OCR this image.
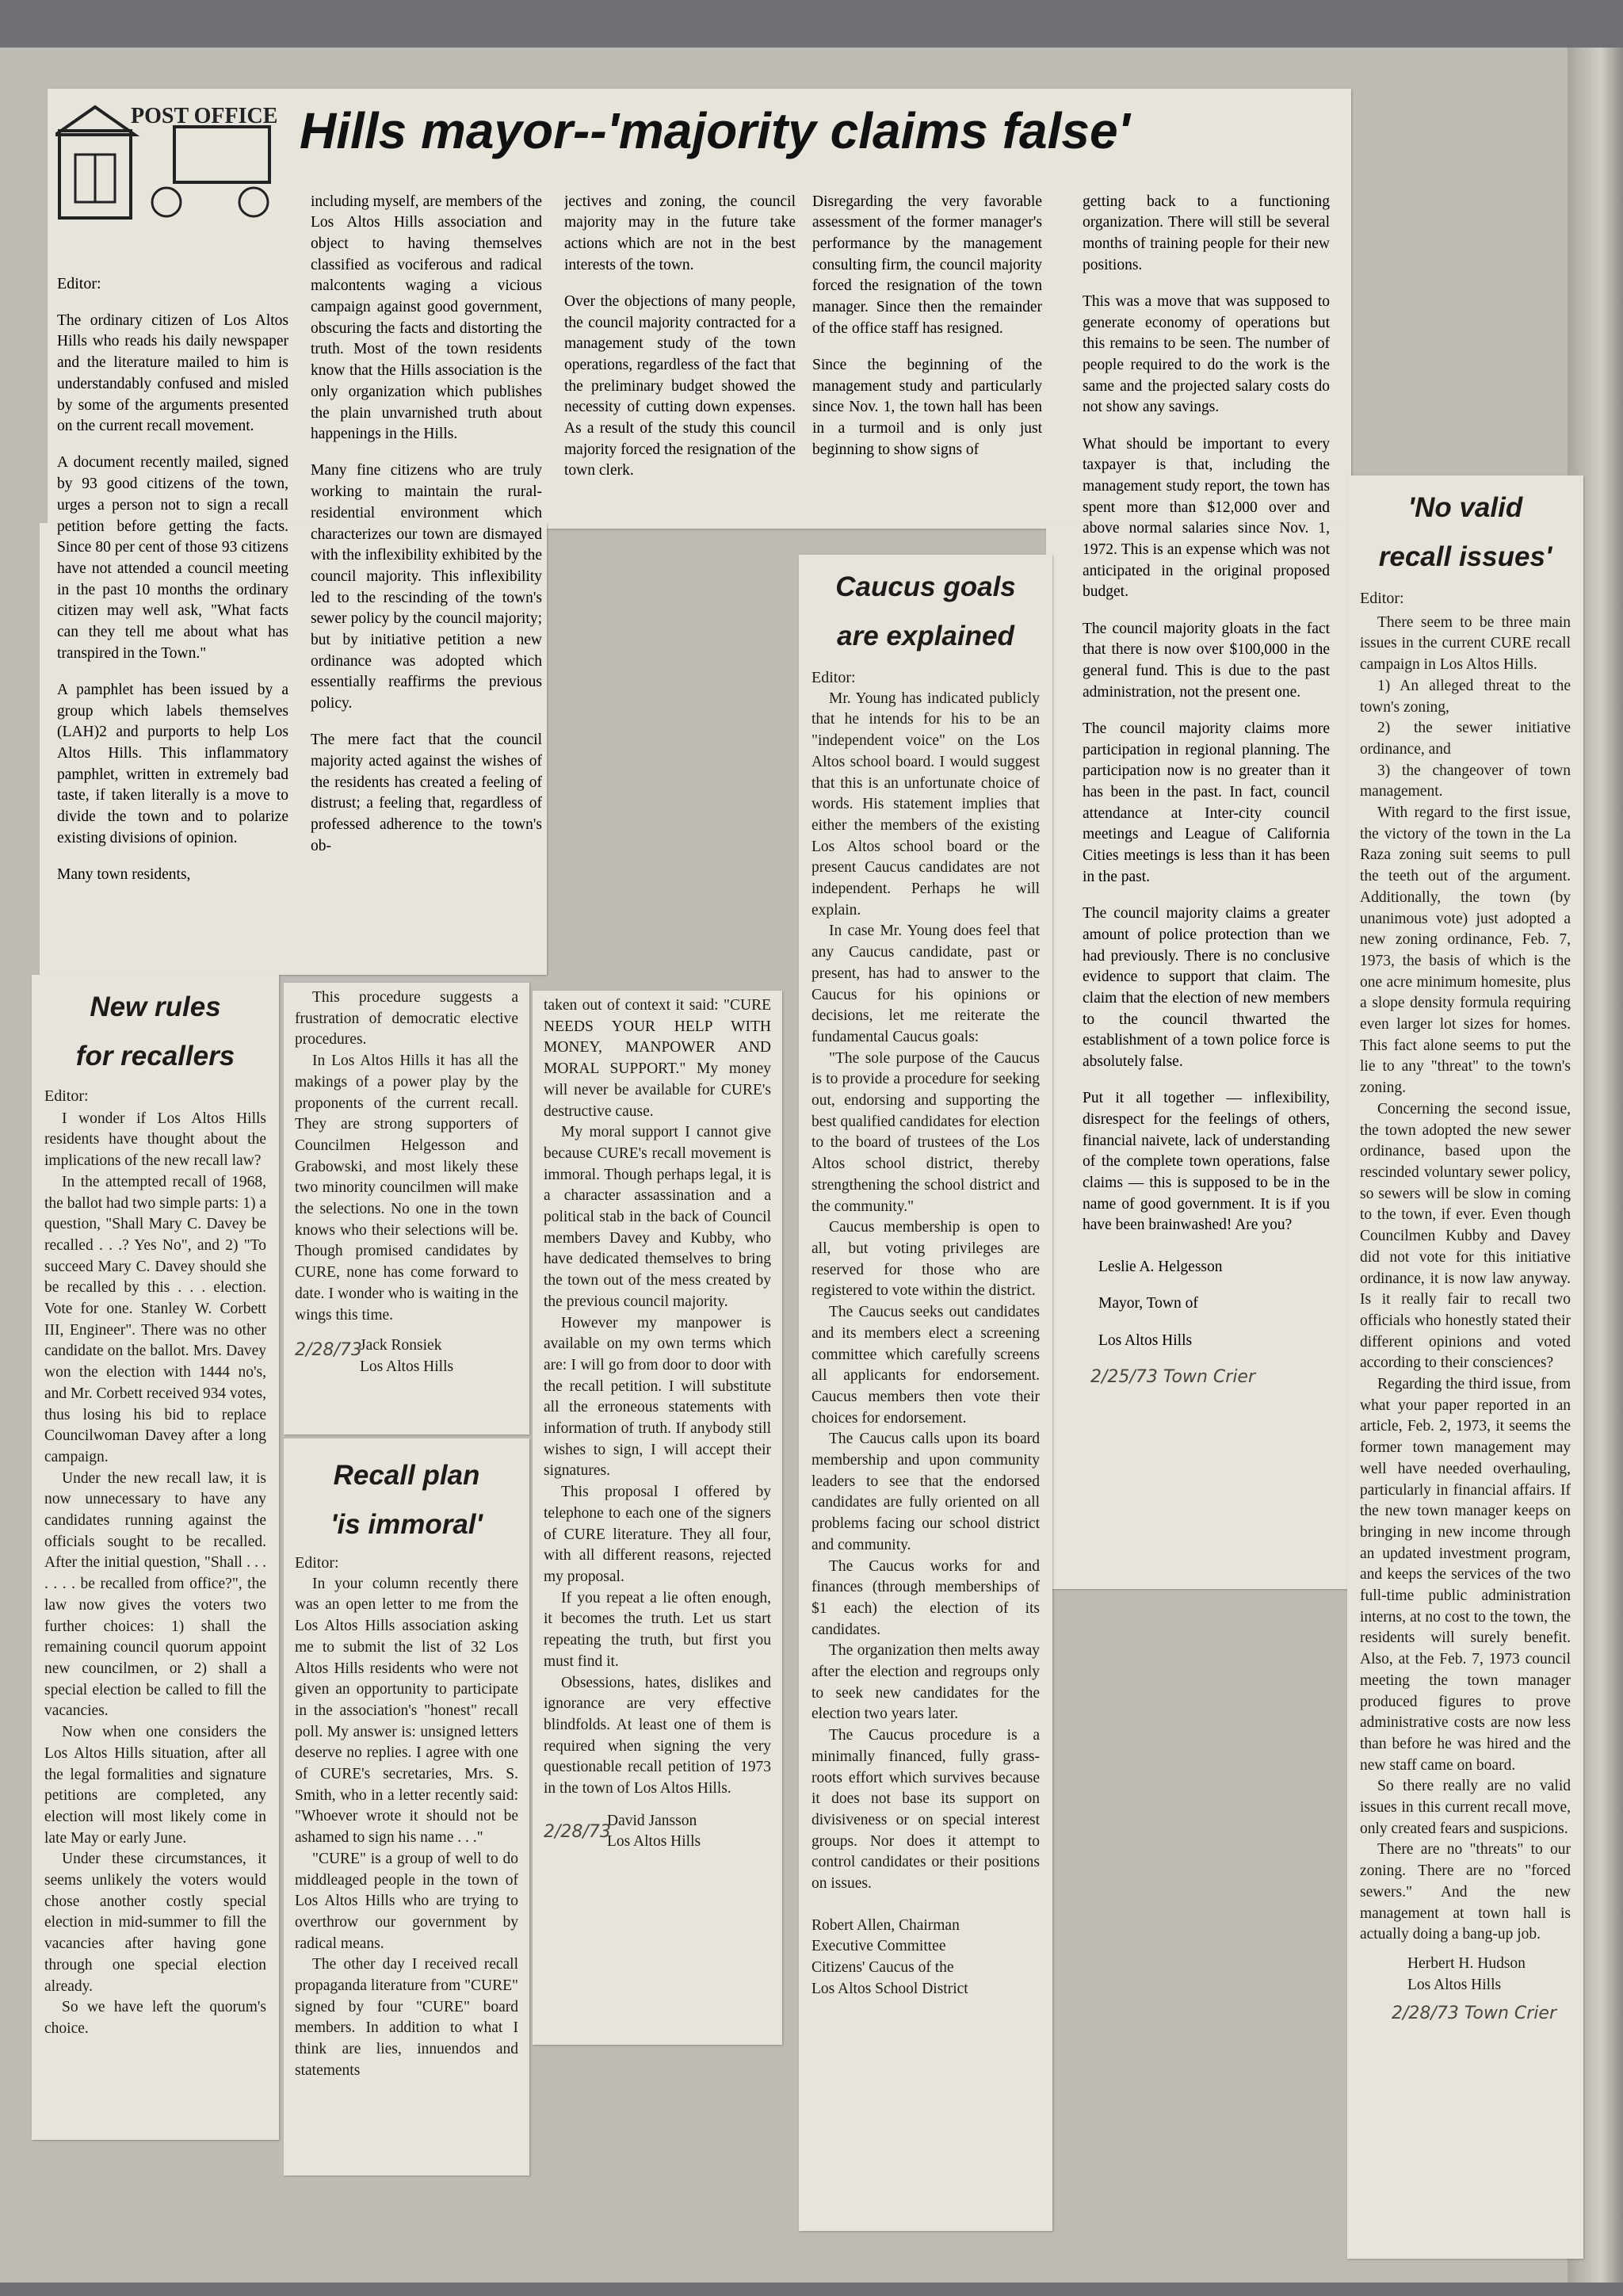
POST OFFICE Hills mayor--'majority claims false'

Editor:

The ordinary citizen of Los Altos Hills who reads his daily newspaper and the literature mailed to him is understandably confused and misled by some of the arguments presented on the current recall movement.

A document recently mailed, signed by 93 good citizens of the town, urges a person not to sign a recall petition before getting the facts. Since 80 per cent of those 93 citizens have not attended a council meeting in the past 10 months the ordinary citizen may well ask, "What facts can they tell me about what has transpired in the Town."

A pamphlet has been issued by a group which labels themselves (LAH)2 and purports to help Los Altos Hills. This inflammatory pamphlet, written in extremely bad taste, if taken literally is a move to divide the town and to polarize existing divisions of opinion.

Many town residents,

including myself, are members of the Los Altos Hills association and object to having themselves classified as vociferous and radical malcontents waging a vicious campaign against good government, obscuring the facts and distorting the truth. Most of the town residents know that the Hills association is the only organization which publishes the plain unvarnished truth about happenings in the Hills.

Many fine citizens who are truly working to maintain the rural-residential environment which characterizes our town are dismayed with the inflexibility exhibited by the council majority. This inflexibility led to the rescinding of the town's sewer policy by the council majority; but by initiative petition a new ordinance was adopted which essentially reaffirms the previous policy.

The mere fact that the council majority acted against the wishes of the residents has created a feeling of distrust; a feeling that, regardless of professed adherence to the town's ob-

jectives and zoning, the council majority may in the future take actions which are not in the best interests of the town.

Over the objections of many people, the council majority contracted for a management study of the town operations, regardless of the fact that the preliminary budget showed the necessity of cutting down expenses. As a result of the study this council majority forced the resignation of the town clerk.

Disregarding the very favorable assessment of the former manager's performance by the management consulting firm, the council majority forced the resignation of the town manager. Since then the remainder of the office staff has resigned.

Since the beginning of the management study and particularly since Nov. 1, the town hall has been in a turmoil and is only just beginning to show signs of

getting back to a functioning organization. There will still be several months of training people for their new positions.

This was a move that was supposed to generate economy of operations but this remains to be seen. The number of people required to do the work is the same and the projected salary costs do not show any savings.

What should be important to every taxpayer is that, including the management study report, the town has spent more than $12,000 over and above normal salaries since Nov. 1, 1972. This is an expense which was not anticipated in the original proposed budget.

The council majority gloats in the fact that there is now over $100,000 in the general fund. This is due to the past administration, not the present one.

The council majority claims more participation in regional planning. The participation now is no greater than it has been in the past. In fact, council attendance at Inter-city council meetings and League of California Cities meetings is less than it has been in the past.

The council majority claims a greater amount of police protection than we had previously. There is no conclusive evidence to support that claim. The claim that the election of new members to the council thwarted the establishment of a town police force is absolutely false.

Put it all together — inflexibility, disrespect for the feelings of others, financial naivete, lack of understanding of the complete town operations, false claims — this is supposed to be in the name of good government. It is if you have been brainwashed! Are you?

Leslie A. Helgesson

Mayor, Town of

Los Altos Hills

2/25/73 Town Crier
Caucus goals
are explained

Editor:

Mr. Young has indicated publicly that he intends for his to be an "independent voice" on the Los Altos school board. I would suggest that this is an unfortunate choice of words. His statement implies that either the members of the existing Los Altos school board or the present Caucus candidates are not independent. Perhaps he will explain.

In case Mr. Young does feel that any Caucus candidate, past or present, has had to answer to the Caucus for his opinions or decisions, let me reiterate the fundamental Caucus goals:

"The sole purpose of the Caucus is to provide a procedure for seeking out, endorsing and supporting the best qualified candidates for election to the board of trustees of the Los Altos school district, thereby strengthening the school district and the community."

Caucus membership is open to all, but voting privileges are reserved for those who are registered to vote within the district.

The Caucus seeks out candidates and its members elect a screening committee which carefully screens all applicants for endorsement. Caucus members then vote their choices for endorsement.

The Caucus calls upon its board membership and upon community leaders to see that the endorsed candidates are fully oriented on all problems facing our school district and community.

The Caucus works for and finances (through memberships of $1 each) the election of its candidates.

The organization then melts away after the election and regroups only to seek new candidates for the election two years later.

The Caucus procedure is a minimally financed, fully grass-roots effort which survives because it does not base its support on divisiveness or on special interest groups. Nor does it attempt to control candidates or their positions on issues.

Robert Allen, Chairman

Executive Committee

Citizens' Caucus of the

Los Altos School District

'No valid
recall issues'

Editor:

There seem to be three main issues in the current CURE recall campaign in Los Altos Hills.

1) An alleged threat to the town's zoning,

2) the sewer initiative ordinance, and

3) the changeover of town management.

With regard to the first issue, the victory of the town in the La Raza zoning suit seems to pull the teeth out of the argument. Additionally, the town (by unanimous vote) just adopted a new zoning ordinance, Feb. 7, 1973, the basis of which is the one acre minimum homesite, plus a slope density formula requiring even larger lot sizes for homes. This fact alone seems to put the lie to any "threat" to the town's zoning.

Concerning the second issue, the town adopted the new sewer ordinance, based upon the rescinded voluntary sewer policy, so sewers will be slow in coming to the town, if ever. Even though Councilmen Kubby and Davey did not vote for this initiative ordinance, it is now law anyway. Is it really fair to recall two officials who honestly stated their different opinions and voted according to their consciences?

Regarding the third issue, from what your paper reported in an article, Feb. 2, 1973, it seems the former town management may well have needed overhauling, particularly in financial affairs. If the new town manager keeps on bringing in new income through an updated investment program, and keeps the services of the two full-time public administration interns, at no cost to the town, the residents will surely benefit. Also, at the Feb. 7, 1973 council meeting the town manager produced figures to prove administrative costs are now less than before he was hired and the new staff came on board.

So there really are no valid issues in this current recall move, only created fears and suspicions.

There are no "threats" to our zoning. There are no "forced sewers." And the new management at town hall is actually doing a bang-up job.

Herbert H. Hudson

Los Altos Hills

2/28/73 Town Crier
New rules
for recallers

Editor:

I wonder if Los Altos Hills residents have thought about the implications of the new recall law?

In the attempted recall of 1968, the ballot had two simple parts: 1) a question, "Shall Mary C. Davey be recalled . . .? Yes No", and 2) "To succeed Mary C. Davey should she be recalled by this . . . election. Vote for one. Stanley W. Corbett III, Engineer". There was no other candidate on the ballot. Mrs. Davey won the election with 1444 no's, and Mr. Corbett received 934 votes, thus losing his bid to replace Councilwoman Davey after a long campaign.

Under the new recall law, it is now unnecessary to have any candidates running against the officials sought to be recalled. After the initial question, "Shall . . . . . . . be recalled from office?", the law now gives the voters two further choices: 1) shall the remaining council quorum appoint new councilmen, or 2) shall a special election be called to fill the vacancies.

Now when one considers the Los Altos Hills situation, after all the legal formalities and signature petitions are completed, any election will most likely come in late May or early June.

Under these circumstances, it seems unlikely the voters would chose another costly special election in mid-summer to fill the vacancies after having gone through one special election already.

So we have left the quorum's choice.

This procedure suggests a frustration of democratic elective procedures.

In Los Altos Hills it has all the makings of a power play by the proponents of the current recall. They are strong supporters of Councilmen Helgesson and Grabowski, and most likely these two minority councilmen will make the selections. No one in the town knows who their selections will be. Though promised candidates by CURE, none has come forward to date. I wonder who is waiting in the wings this time.

2/28/73

Jack Ronsiek

Los Altos Hills

Recall plan
'is immoral'

Editor:

In your column recently there was an open letter to me from the Los Altos Hills association asking me to submit the list of 32 Los Altos Hills residents who were not given an opportunity to participate in the association's "honest" recall poll. My answer is: unsigned letters deserve no replies. I agree with one of CURE's secretaries, Mrs. S. Smith, who in a letter recently said: "Whoever wrote it should not be ashamed to sign his name . . ."

"CURE" is a group of well to do middleaged people in the town of Los Altos Hills who are trying to overthrow our government by radical means.

The other day I received recall propaganda literature from "CURE" signed by four "CURE" board members. In addition to what I think are lies, innuendos and statements

taken out of context it said: "CURE NEEDS YOUR HELP WITH MONEY, MANPOWER AND MORAL SUPPORT." My money will never be available for CURE's destructive cause.

My moral support I cannot give because CURE's recall movement is immoral. Though perhaps legal, it is a character assassination and a political stab in the back of Council members Davey and Kubby, who have dedicated themselves to bring the town out of the mess created by the previous council majority.

However my manpower is available on my own terms which are: I will go from door to door with the recall petition. I will substitute all the erroneous statements with information of truth. If anybody still wishes to sign, I will accept their signatures.

This proposal I offered by telephone to each one of the signers of CURE literature. They all four, with all different reasons, rejected my proposal.

If you repeat a lie often enough, it becomes the truth. Let us start repeating the truth, but first you must find it.

Obsessions, hates, dislikes and ignorance are very effective blindfolds. At least one of them is required when signing the very questionable recall petition of 1973 in the town of Los Altos Hills.

2/28/73

David Jansson

Los Altos Hills
